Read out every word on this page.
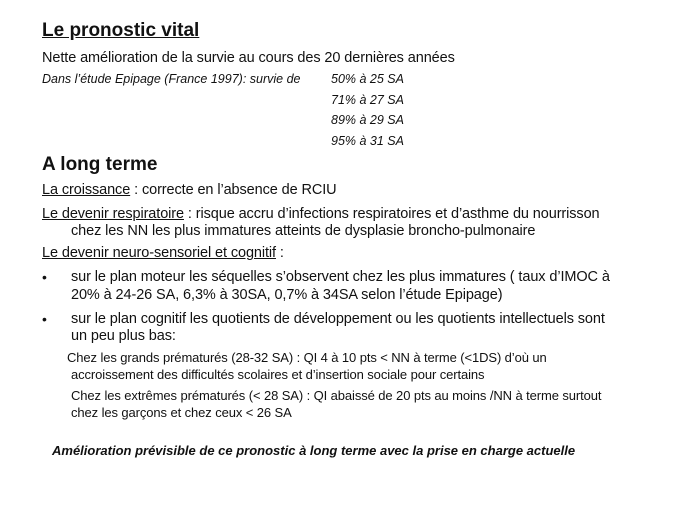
Le pronostic vital
Nette amélioration de la survie au cours des 20 dernières années
Dans l’étude Epipage (France 1997): survie de 50% à 25 SA
71% à 27 SA
89% à 29 SA
95% à 31 SA
A long terme
La croissance : correcte en l’absence de RCIU
Le devenir respiratoire : risque accru d’infections respiratoires et d’asthme du nourrisson
chez les NN les plus immatures atteints de dysplasie broncho-pulmonaire
Le devenir neuro-sensoriel et cognitif :
• sur le plan moteur les séquelles s’observent chez les plus immatures ( taux d’IMOC à
20% à 24-26 SA, 6,3% à 30SA, 0,7% à 34SA selon l’étude Epipage)
• sur le plan cognitif les quotients de développement ou les quotients intellectuels sont
un peu plus bas:
Chez les grands prématurés (28-32 SA) : QI 4 à 10 pts < NN à terme (<1DS) d’où un
accroissement des difficultés scolaires et d’insertion sociale pour certains
Chez les extrêmes prématurés (< 28 SA) : QI abaissé de 20 pts au moins /NN à terme surtout
chez les garçons et chez ceux < 26 SA
Amélioration prévisible de ce pronostic à long terme avec la prise en charge actuelle
